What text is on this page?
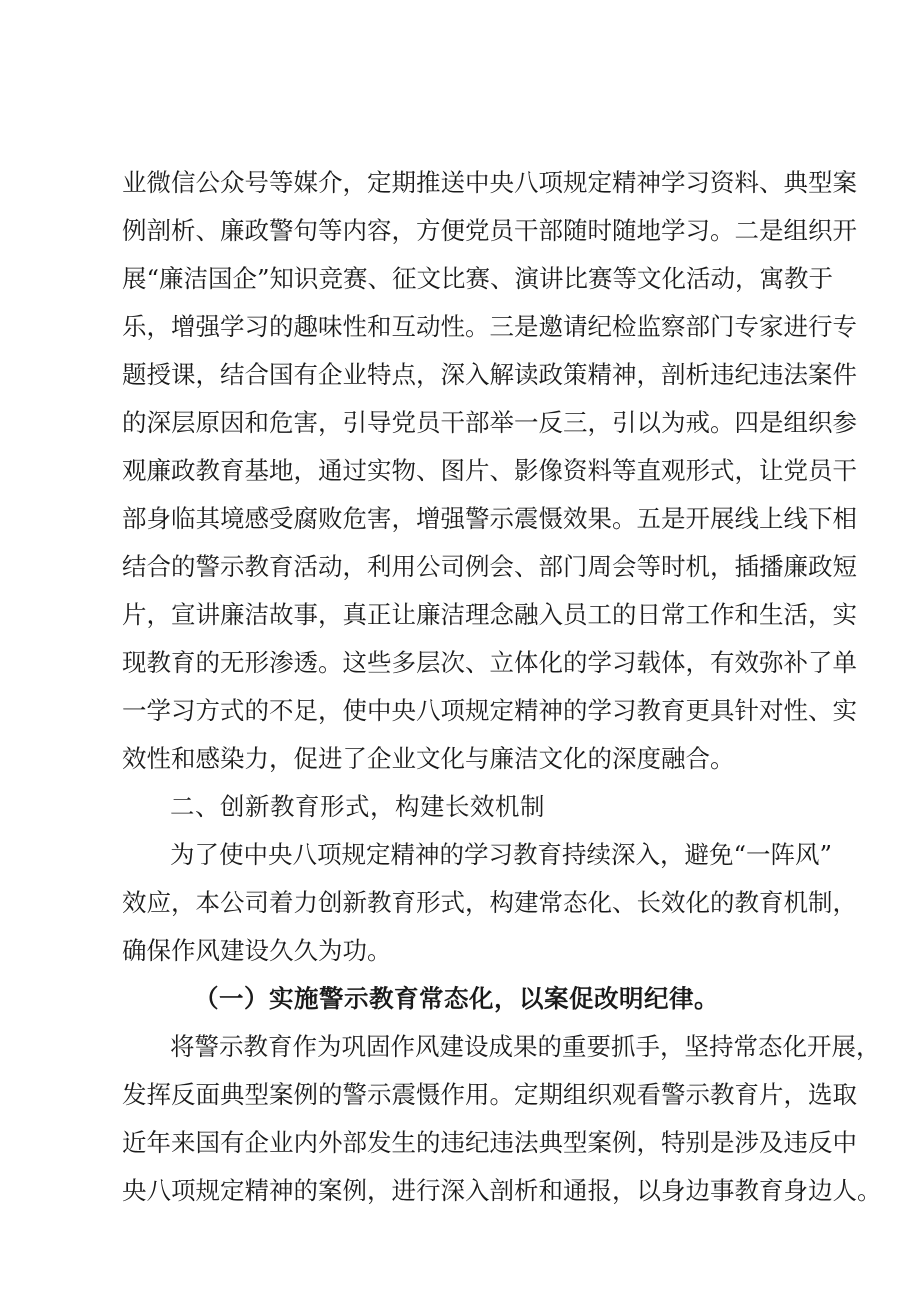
业微信公众号等媒介，定期推送中央八项规定精神学习资料、典型案
例剖析、廉政警句等内容，方便党员干部随时随地学习。二是组织开
展“廉洁国企”知识竞赛、征文比赛、演讲比赛等文化活动，寓教于
乐，增强学习的趣味性和互动性。三是邀请纪检监察部门专家进行专
题授课，结合国有企业特点，深入解读政策精神，剖析违纪违法案件
的深层原因和危害，引导党员干部举一反三，引以为戒。四是组织参
观廉政教育基地，通过实物、图片、影像资料等直观形式，让党员干
部身临其境感受腐败危害，增强警示震慑效果。五是开展线上线下相
结合的警示教育活动，利用公司例会、部门周会等时机，插播廉政短
片，宣讲廉洁故事，真正让廉洁理念融入员工的日常工作和生活，实
现教育的无形渗透。这些多层次、立体化的学习载体，有效弥补了单
一学习方式的不足，使中央八项规定精神的学习教育更具针对性、实
效性和感染力，促进了企业文化与廉洁文化的深度融合。
二、创新教育形式，构建长效机制
为了使中央八项规定精神的学习教育持续深入，避免“一阵风”
效应，本公司着力创新教育形式，构建常态化、长效化的教育机制，
确保作风建设久久为功。
（一）实施警示教育常态化，以案促改明纪律。
将警示教育作为巩固作风建设成果的重要抓手，坚持常态化开展，
发挥反面典型案例的警示震慑作用。定期组织观看警示教育片，选取
近年来国有企业内外部发生的违纪违法典型案例，特别是涉及违反中
央八项规定精神的案例，进行深入剖析和通报，以身边事教育身边人。
